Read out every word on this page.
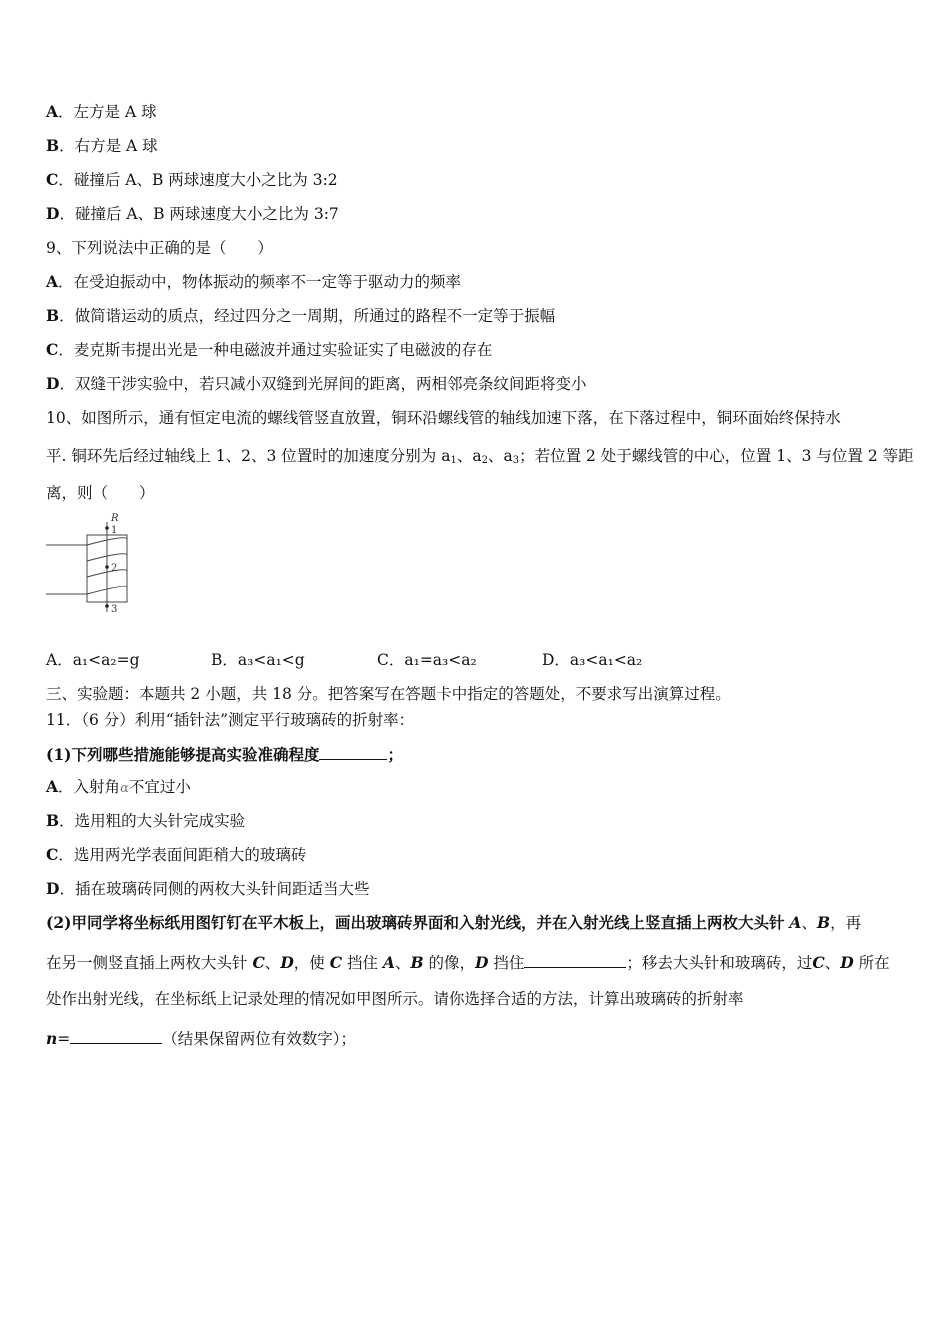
A．左方是 A 球
B．右方是 A 球
C．碰撞后 A、B 两球速度大小之比为 3:2
D．碰撞后 A、B 两球速度大小之比为 3:7
9、下列说法中正确的是（　　）
A．在受迫振动中，物体振动的频率不一定等于驱动力的频率
B．做简谐运动的质点，经过四分之一周期，所通过的路程不一定等于振幅
C．麦克斯韦提出光是一种电磁波并通过实验证实了电磁波的存在
D．双缝干涉实验中，若只减小双缝到光屏间的距离，两相邻亮条纹间距将变小
10、如图所示，通有恒定电流的螺线管竖直放置，铜环沿螺线管的轴线加速下落，在下落过程中，铜环面始终保持水
平. 铜环先后经过轴线上 1、2、3 位置时的加速度分别为 $a_1$、$a_2$、$a_3$；若位置 2 处于螺线管的中心，位置 1、3 与位置 2 等距
离，则（　　）
R
1
2
3
A．a₁<a₂=g	B．a₃<a₁<g	C．a₁=a₃<a₂	D．a₃<a₁<a₂
三、实验题：本题共 2 小题，共 18 分。把答案写在答题卡中指定的答题处，不要求写出演算过程。
11．（6 分）利用“插针法”测定平行玻璃砖的折射率：
(1)下列哪些措施能够提高实验准确程度	；
A．入射角α不宜过小
B．选用粗的大头针完成实验
C．选用两光学表面间距稍大的玻璃砖
D．插在玻璃砖同侧的两枚大头针间距适当大些
(2)甲同学将坐标纸用图钉钉在平木板上，画出玻璃砖界面和入射光线，并在入射光线上竖直插上两枚大头针 A、B，再
在另一侧竖直插上两枚大头针 C、D，使 C 挡住 A、B 的像，D 挡住	；移去大头针和玻璃砖，过C、D 所在
处作出射光线，在坐标纸上记录处理的情况如甲图所示。请你选择合适的方法，计算出玻璃砖的折射率
n=	（结果保留两位有效数字）；
